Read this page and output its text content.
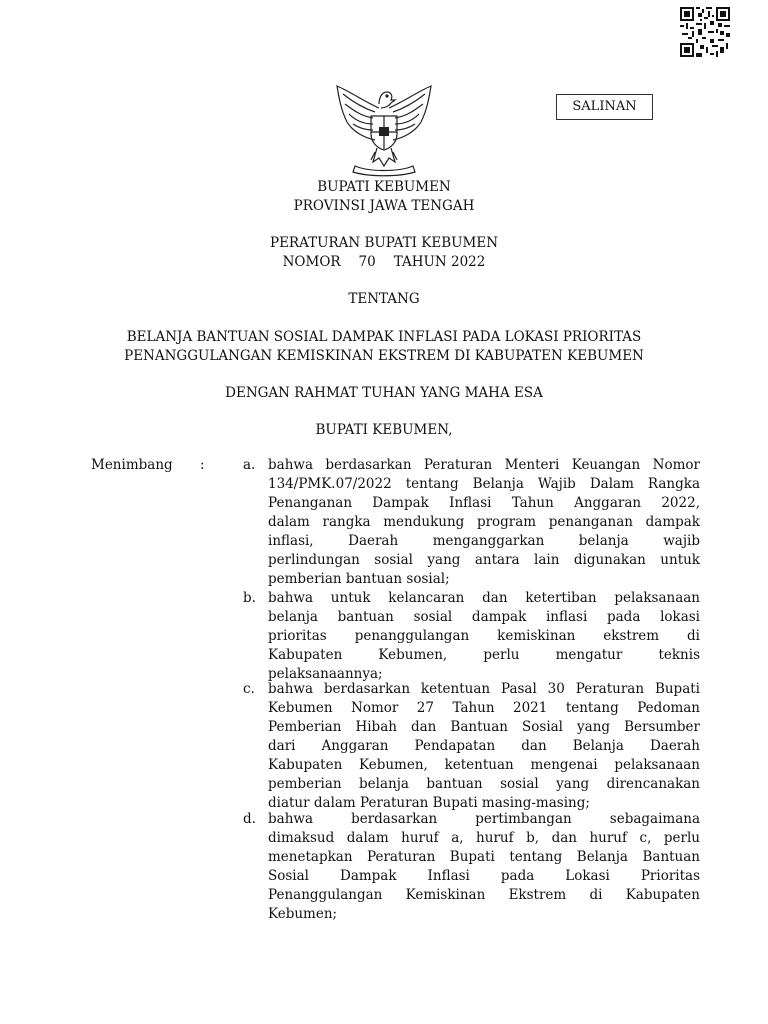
SALINAN
BUPATI KEBUMEN
PROVINSI JAWA TENGAH
PERATURAN BUPATI KEBUMEN
NOMOR 70 TAHUN 2022
TENTANG
BELANJA BANTUAN SOSIAL DAMPAK INFLASI PADA LOKASI PRIORITAS
PENANGGULANGAN KEMISKINAN EKSTREM DI KABUPATEN KEBUMEN
DENGAN RAHMAT TUHAN YANG MAHA ESA
BUPATI KEBUMEN,
Menimbang :	a. bahwa berdasarkan Peraturan Menteri Keuangan Nomor
134/PMK.07/2022 tentang Belanja Wajib Dalam Rangka
Penanganan Dampak Inflasi Tahun Anggaran 2022,
dalam rangka mendukung program penanganan dampak
inflasi, Daerah menganggarkan belanja wajib
perlindungan sosial yang antara lain digunakan untuk
pemberian bantuan sosial;
b. bahwa untuk kelancaran dan ketertiban pelaksanaan
belanja bantuan sosial dampak inflasi pada lokasi
prioritas penanggulangan kemiskinan ekstrem di
Kabupaten Kebumen, perlu mengatur teknis
pelaksanaannya;
c. bahwa berdasarkan ketentuan Pasal 30 Peraturan Bupati
Kebumen Nomor 27 Tahun 2021 tentang Pedoman
Pemberian Hibah dan Bantuan Sosial yang Bersumber
dari Anggaran Pendapatan dan Belanja Daerah
Kabupaten Kebumen, ketentuan mengenai pelaksanaan
pemberian belanja bantuan sosial yang direncanakan
diatur dalam Peraturan Bupati masing-masing;
d. bahwa berdasarkan pertimbangan sebagaimana
dimaksud dalam huruf a, huruf b, dan huruf c, perlu
menetapkan Peraturan Bupati tentang Belanja Bantuan
Sosial Dampak Inflasi pada Lokasi Prioritas
Penanggulangan Kemiskinan Ekstrem di Kabupaten
Kebumen;
